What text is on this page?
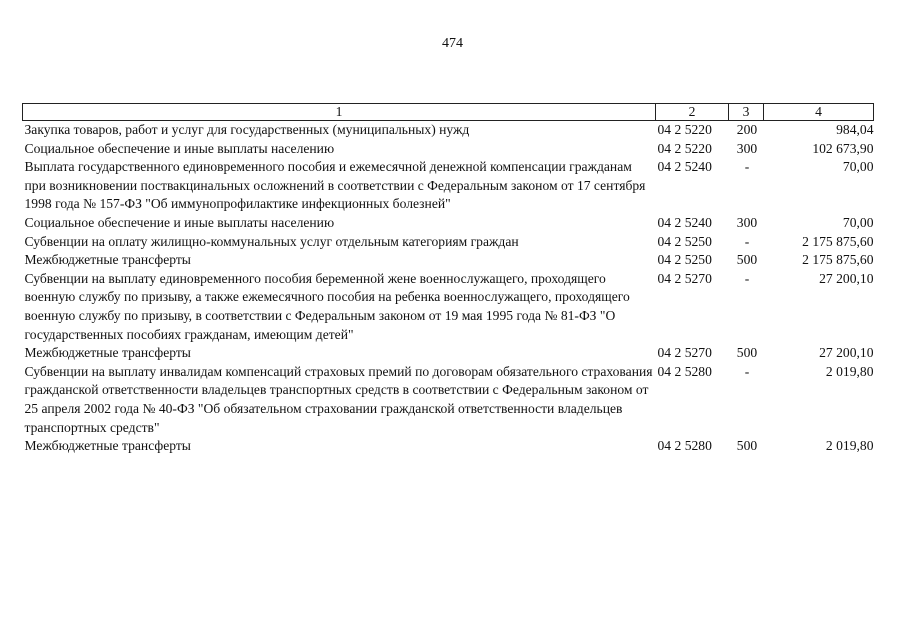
474
1	2	3	4
Закупка товаров, работ и услуг для государственных (муниципальных) нужд	04 2 5220	200	984,04
Социальное обеспечение и иные выплаты населению	04 2 5220	300	102 673,90
Выплата государственного единовременного пособия и ежемесячной денежной компенсации гражданам при возникновении поствакцинальных осложнений в соответствии с Федеральным законом от 17 сентября 1998 года № 157-ФЗ "Об иммунопрофилактике инфекционных болезней"	04 2 5240	-	70,00
Социальное обеспечение и иные выплаты населению	04 2 5240	300	70,00
Субвенции на оплату жилищно-коммунальных услуг отдельным категориям граждан	04 2 5250	-	2 175 875,60
Межбюджетные трансферты	04 2 5250	500	2 175 875,60
Субвенции на выплату единовременного пособия беременной жене военнослужащего, проходящего военную службу по призыву, а также ежемесячного пособия на ребенка военнослужащего, проходящего военную службу по призыву, в соответствии с Федеральным законом от 19 мая 1995 года № 81-ФЗ "О государственных пособиях гражданам, имеющим детей"	04 2 5270	-	27 200,10
Межбюджетные трансферты	04 2 5270	500	27 200,10
Субвенции на выплату инвалидам компенсаций страховых премий по договорам обязательного страхования гражданской ответственности владельцев транспортных средств в соответствии с Федеральным законом от 25 апреля 2002 года № 40-ФЗ "Об обязательном страховании гражданской ответственности владельцев транспортных средств"	04 2 5280	-	2 019,80
Межбюджетные трансферты	04 2 5280	500	2 019,80
